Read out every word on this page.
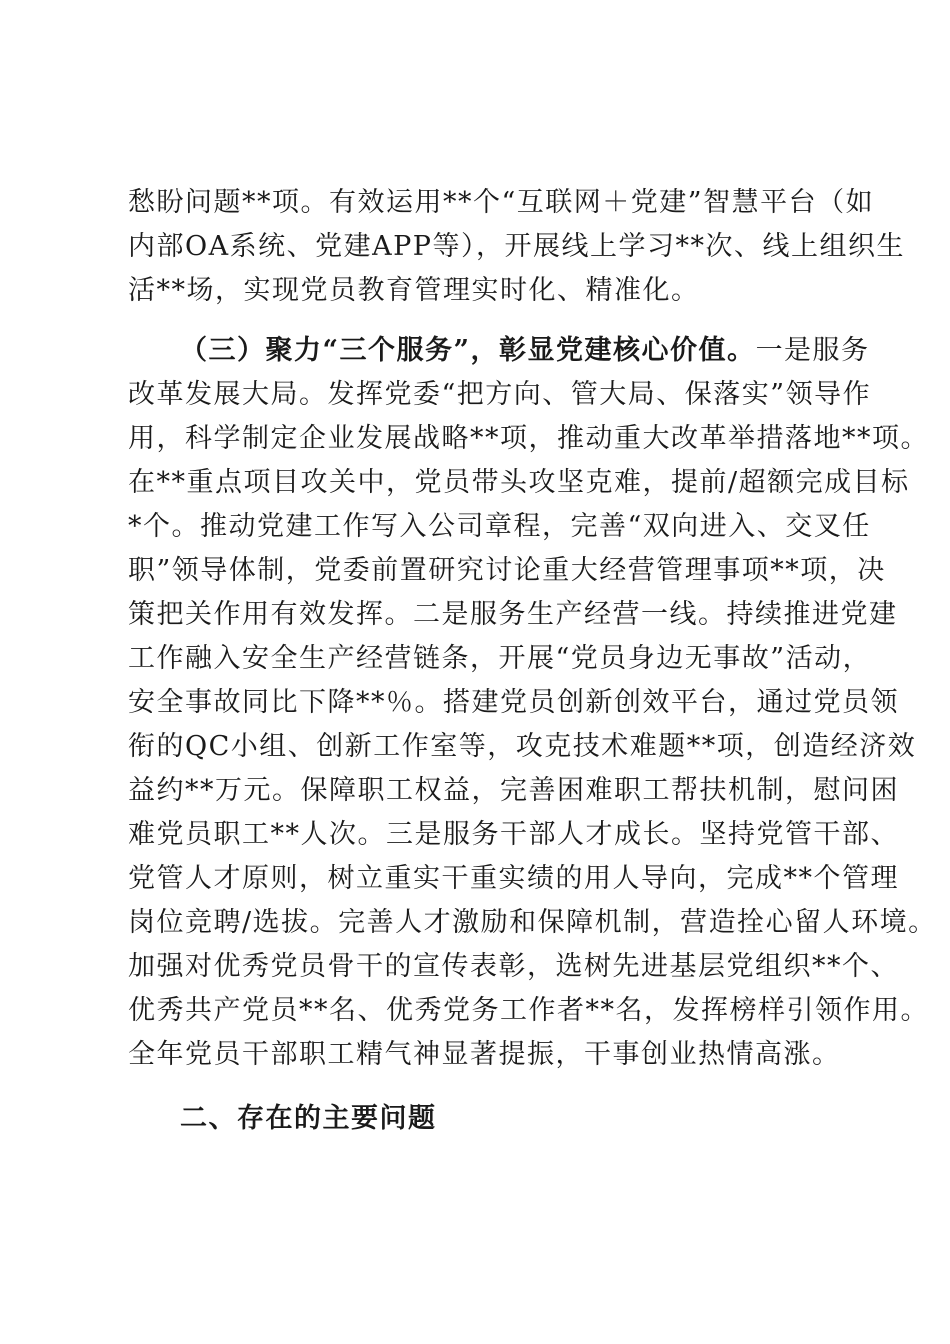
愁盼问题**项。有效运用**个“互联网＋党建”智慧平台（如
内部OA系统、党建APP等），开展线上学习**次、线上组织生
活**场，实现党员教育管理实时化、精准化。
（三）聚力“三个服务”，彰显党建核心价值。一是服务
改革发展大局。发挥党委“把方向、管大局、保落实”领导作
用，科学制定企业发展战略**项，推动重大改革举措落地**项。
在**重点项目攻关中，党员带头攻坚克难，提前/超额完成目标
*个。推动党建工作写入公司章程，完善“双向进入、交叉任
职”领导体制，党委前置研究讨论重大经营管理事项**项，决
策把关作用有效发挥。二是服务生产经营一线。持续推进党建
工作融入安全生产经营链条，开展“党员身边无事故”活动，
安全事故同比下降**％。搭建党员创新创效平台，通过党员领
衔的QC小组、创新工作室等，攻克技术难题**项，创造经济效
益约**万元。保障职工权益，完善困难职工帮扶机制，慰问困
难党员职工**人次。三是服务干部人才成长。坚持党管干部、
党管人才原则，树立重实干重实绩的用人导向，完成**个管理
岗位竞聘/选拔。完善人才激励和保障机制，营造拴心留人环境。
加强对优秀党员骨干的宣传表彰，选树先进基层党组织**个、
优秀共产党员**名、优秀党务工作者**名，发挥榜样引领作用。
全年党员干部职工精气神显著提振，干事创业热情高涨。
二、存在的主要问题
